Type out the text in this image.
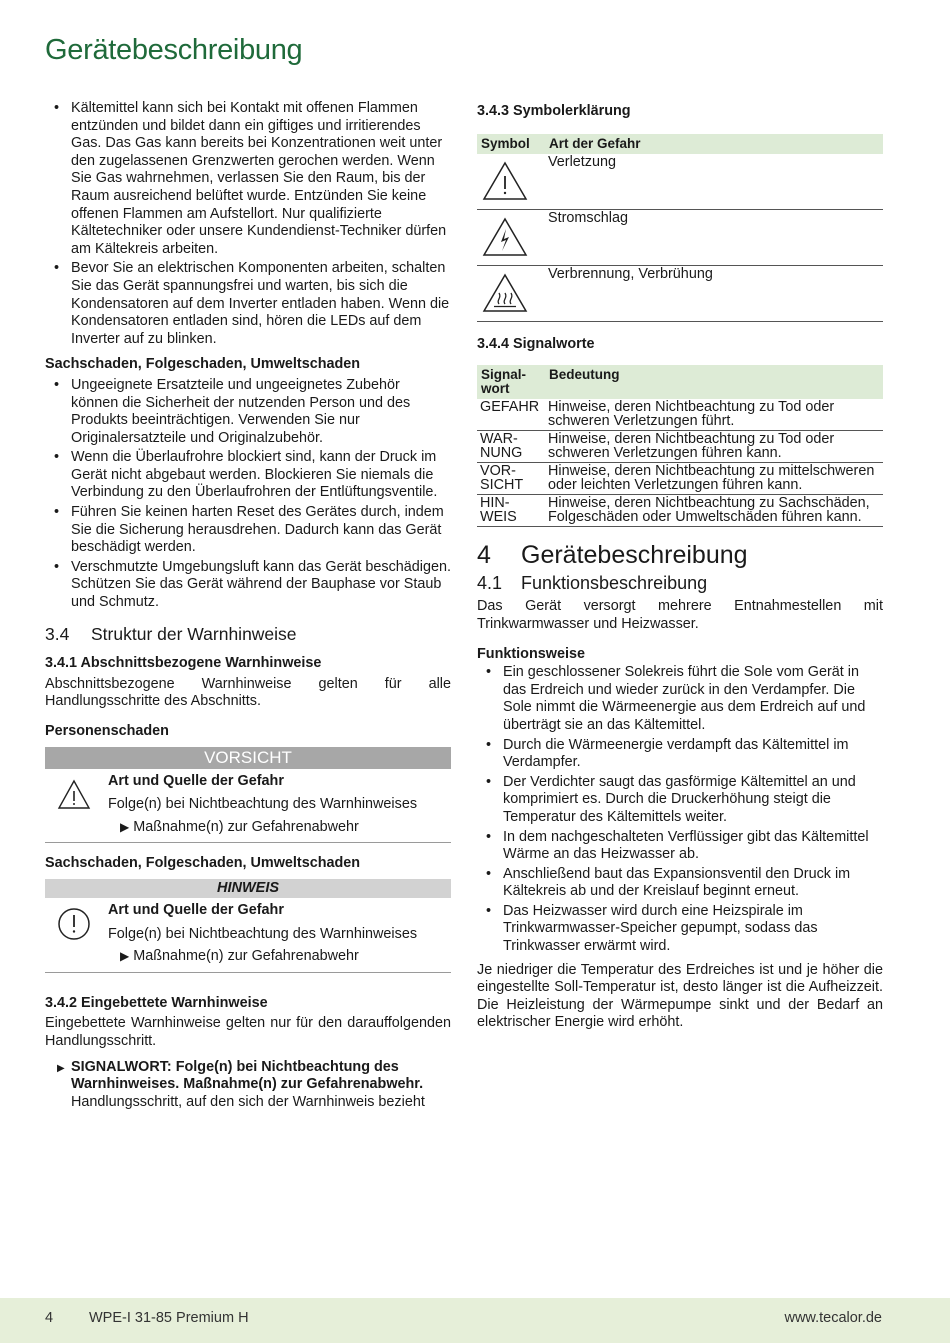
Gerätebeschreibung
• Kältemittel kann sich bei Kontakt mit offenen Flammen entzünden und bildet dann ein giftiges und irritierendes Gas. Das Gas kann bereits bei Konzentrationen weit unter den zugelassenen Grenzwerten gerochen werden. Wenn Sie Gas wahrnehmen, verlassen Sie den Raum, bis der Raum ausreichend belüftet wurde. Entzünden Sie keine offenen Flammen am Aufstellort. Nur qualifizierte Kältetechniker oder unsere Kundendienst-Techniker dürfen am Kältekreis arbeiten.
• Bevor Sie an elektrischen Komponenten arbeiten, schalten Sie das Gerät spannungsfrei und warten, bis sich die Kondensatoren auf dem Inverter entladen haben. Wenn die Kondensatoren entladen sind, hören die LEDs auf dem Inverter auf zu blinken.
Sachschaden, Folgeschaden, Umweltschaden
• Ungeeignete Ersatzteile und ungeeignetes Zubehör können die Sicherheit der nutzenden Person und des Produkts beeinträchtigen. Verwenden Sie nur Originalersatzteile und Originalzubehör.
• Wenn die Überlaufrohre blockiert sind, kann der Druck im Gerät nicht abgebaut werden. Blockieren Sie niemals die Verbindung zu den Überlaufrohren der Entlüftungsventile.
• Führen Sie keinen harten Reset des Gerätes durch, indem Sie die Sicherung herausdrehen. Dadurch kann das Gerät beschädigt werden.
• Verschmutzte Umgebungsluft kann das Gerät beschädigen. Schützen Sie das Gerät während der Bauphase vor Staub und Schmutz.
3.4 Struktur der Warnhinweise
3.4.1 Abschnittsbezogene Warnhinweise
Abschnittsbezogene Warnhinweise gelten für alle Handlungsschritte des Abschnitts.
Personenschaden
VORSICHT
Art und Quelle der Gefahr
Folge(n) bei Nichtbeachtung des Warnhinweises
▶ Maßnahme(n) zur Gefahrenabwehr
Sachschaden, Folgeschaden, Umweltschaden
HINWEIS
Art und Quelle der Gefahr
Folge(n) bei Nichtbeachtung des Warnhinweises
▶ Maßnahme(n) zur Gefahrenabwehr
3.4.2 Eingebettete Warnhinweise
Eingebettete Warnhinweise gelten nur für den darauffolgenden Handlungsschritt.
▶ SIGNALWORT: Folge(n) bei Nichtbeachtung des Warnhinweises. Maßnahme(n) zur Gefahrenabwehr. Handlungsschritt, auf den sich der Warnhinweis bezieht
3.4.3 Symbolerklärung
Symbol	Art der Gefahr

	Verletzung

	Stromschlag

	Verbrennung, Verbrühung
3.4.4 Signalworte
Signal-
wort	Bedeutung
GEFAHR	Hinweise, deren Nichtbeachtung zu Tod oder schweren Verletzungen führt.
WAR-
NUNG	Hinweise, deren Nichtbeachtung zu Tod oder schweren Verletzungen führen kann.
VOR-
SICHT	Hinweise, deren Nichtbeachtung zu mittelschweren oder leichten Verletzungen führen kann.
HIN-
WEIS	Hinweise, deren Nichtbeachtung zu Sachschäden, Folgeschäden oder Umweltschäden führen kann.
4 Gerätebeschreibung
4.1 Funktionsbeschreibung
Das Gerät versorgt mehrere Entnahmestellen mit Trinkwarmwasser und Heizwasser.
Funktionsweise
• Ein geschlossener Solekreis führt die Sole vom Gerät in das Erdreich und wieder zurück in den Verdampfer. Die Sole nimmt die Wärmeenergie aus dem Erdreich auf und überträgt sie an das Kältemittel.
• Durch die Wärmeenergie verdampft das Kältemittel im Verdampfer.
• Der Verdichter saugt das gasförmige Kältemittel an und komprimiert es. Durch die Druckerhöhung steigt die Temperatur des Kältemittels weiter.
• In dem nachgeschalteten Verflüssiger gibt das Kältemittel Wärme an das Heizwasser ab.
• Anschließend baut das Expansionsventil den Druck im Kältekreis ab und der Kreislauf beginnt erneut.
• Das Heizwasser wird durch eine Heizspirale im Trinkwarmwasser-Speicher gepumpt, sodass das Trinkwasser erwärmt wird.
Je niedriger die Temperatur des Erdreiches ist und je höher die eingestellte Soll-Temperatur ist, desto länger ist die Aufheizzeit. Die Heizleistung der Wärmepumpe sinkt und der Bedarf an elektrischer Energie wird erhöht.
4 WPE-I 31-85 Premium H	www.tecalor.de
